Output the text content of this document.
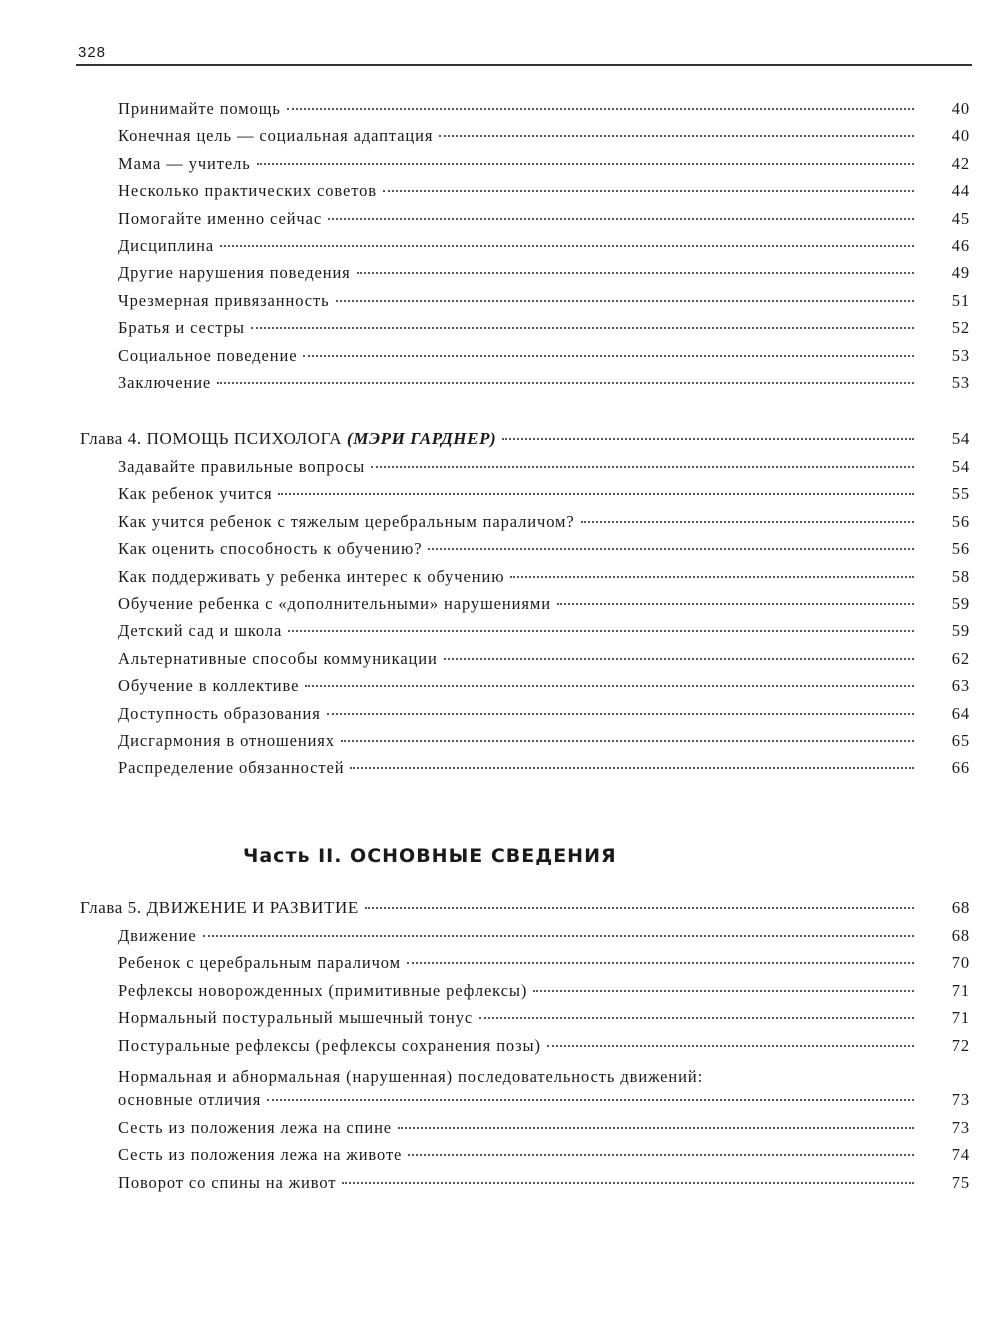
328
Принимайте помощь	40
Конечная цель — социальная адаптация	40
Мама — учитель	42
Несколько практических советов	44
Помогайте именно сейчас	45
Дисциплина	46
Другие нарушения поведения	49
Чрезмерная привязанность	51
Братья и сестры	52
Социальное поведение	53
Заключение	53
Глава 4. ПОМОЩЬ ПСИХОЛОГА (МЭРИ ГАРДНЕР)	54
Задавайте правильные вопросы	54
Как ребенок учится	55
Как учится ребенок с тяжелым церебральным параличом?	56
Как оценить способность к обучению?	56
Как поддерживать у ребенка интерес к обучению	58
Обучение ребенка с «дополнительными» нарушениями	59
Детский сад и школа	59
Альтернативные способы коммуникации	62
Обучение в коллективе	63
Доступность образования	64
Дисгармония в отношениях	65
Распределение обязанностей	66
Часть II. ОСНОВНЫЕ СВЕДЕНИЯ
Глава 5. ДВИЖЕНИЕ И РАЗВИТИЕ	68
Движение	68
Ребенок с церебральным параличом	70
Рефлексы новорожденных (примитивные рефлексы)	71
Нормальный постуральный мышечный тонус	71
Постуральные рефлексы (рефлексы сохранения позы)	72
Нормальная и абнормальная (нарушенная) последовательность движений:
основные отличия	73
Сесть из положения лежа на спине	73
Сесть из положения лежа на животе	74
Поворот со спины на живот	75
